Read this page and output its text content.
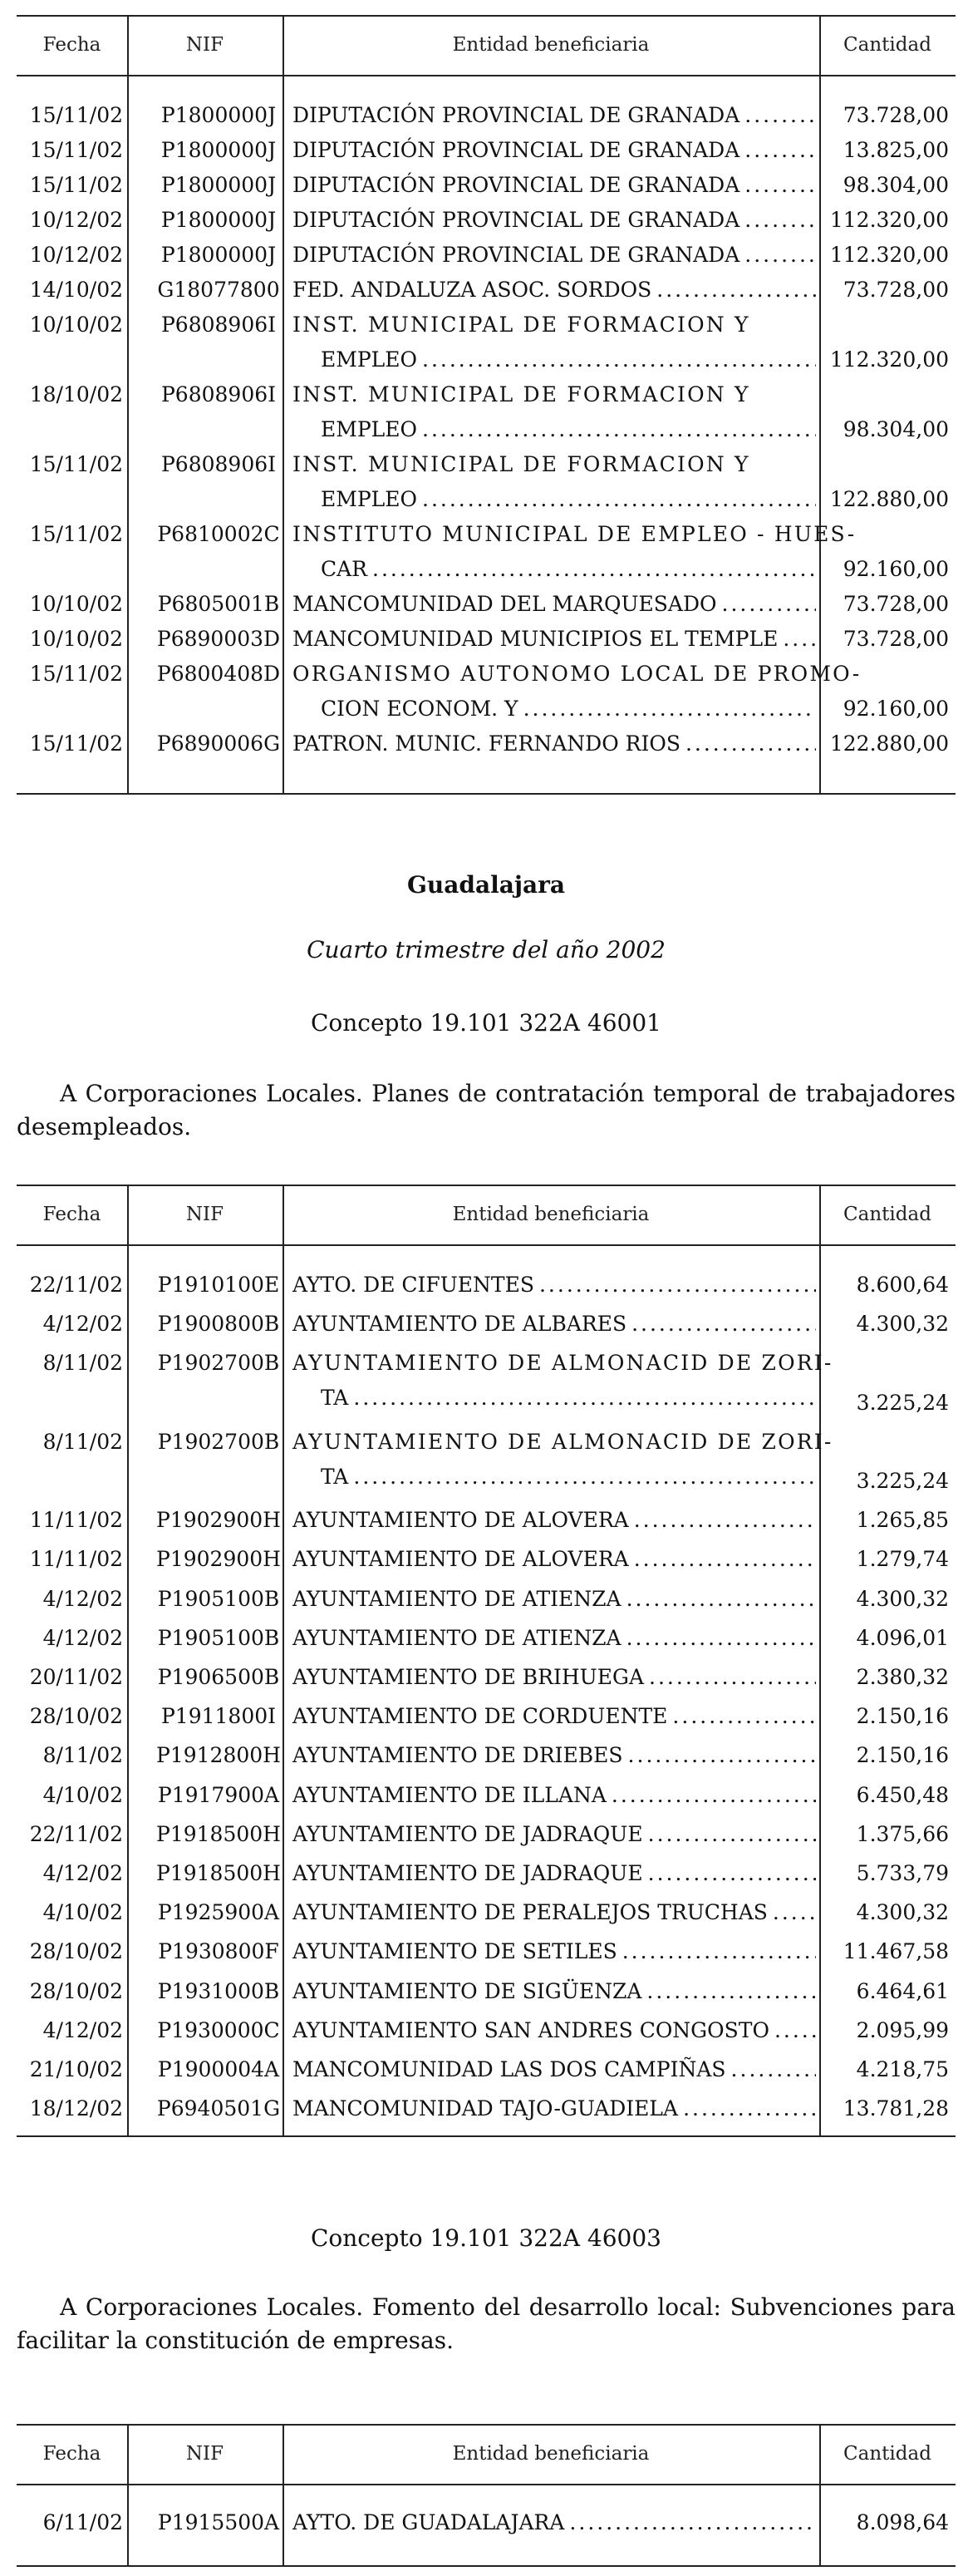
Fecha	NIF	Entidad beneficiaria	Cantidad
15/11/02	P1800000J DIPUTACIÓN PROVINCIAL DE GRANADA .....	73.728,00
15/11/02	P1800000J DIPUTACIÓN PROVINCIAL DE GRANADA .....	13.825,00
15/11/02	P1800000J DIPUTACIÓN PROVINCIAL DE GRANADA .....	98.304,00
10/12/02	P1800000J DIPUTACIÓN PROVINCIAL DE GRANADA .....	112.320,00
10/12/02	P1800000J DIPUTACIÓN PROVINCIAL DE GRANADA .....	112.320,00
14/10/02	G18077800 FED. ANDALUZA ASOC. SORDOS .....	73.728,00
10/10/02	P6808906I INST. MUNICIPAL DE FORMACION Y
EMPLEO .....	112.320,00
18/10/02	P6808906I INST. MUNICIPAL DE FORMACION Y
EMPLEO .....	98.304,00
15/11/02	P6808906I INST. MUNICIPAL DE FORMACION Y
EMPLEO .....	122.880,00
15/11/02	P6810002C INSTITUTO MUNICIPAL DE EMPLEO - HUES-
CAR .....	92.160,00
10/10/02	P6805001B MANCOMUNIDAD DEL MARQUESADO .....	73.728,00
10/10/02	P6890003D MANCOMUNIDAD MUNICIPIOS EL TEMPLE .....	73.728,00
15/11/02	P6800408D ORGANISMO AUTONOMO LOCAL DE PROMO-
CION ECONOM. Y .....	92.160,00
15/11/02	P6890006G PATRON. MUNIC. FERNANDO RIOS .....	122.880,00
Guadalajara
Cuarto trimestre del año 2002
Concepto 19.101 322A 46001
A Corporaciones Locales. Planes de contratación temporal de trabajadores desempleados.
Fecha	NIF	Entidad beneficiaria	Cantidad
22/11/02	P1910100E AYTO. DE CIFUENTES .....	8.600,64
4/12/02	P1900800B AYUNTAMIENTO DE ALBARES .....	4.300,32
8/11/02	P1902700B AYUNTAMIENTO DE ALMONACID DE ZORI-
TA .....	3.225,24
8/11/02	P1902700B AYUNTAMIENTO DE ALMONACID DE ZORI-
TA .....	3.225,24
11/11/02	P1902900H AYUNTAMIENTO DE ALOVERA .....	1.265,85
11/11/02	P1902900H AYUNTAMIENTO DE ALOVERA .....	1.279,74
4/12/02	P1905100B AYUNTAMIENTO DE ATIENZA .....	4.300,32
4/12/02	P1905100B AYUNTAMIENTO DE ATIENZA .....	4.096,01
20/11/02	P1906500B AYUNTAMIENTO DE BRIHUEGA .....	2.380,32
28/10/02	P1911800I AYUNTAMIENTO DE CORDUENTE .....	2.150,16
8/11/02	P1912800H AYUNTAMIENTO DE DRIEBES .....	2.150,16
4/10/02	P1917900A AYUNTAMIENTO DE ILLANA .....	6.450,48
22/11/02	P1918500H AYUNTAMIENTO DE JADRAQUE .....	1.375,66
4/12/02	P1918500H AYUNTAMIENTO DE JADRAQUE .....	5.733,79
4/10/02	P1925900A AYUNTAMIENTO DE PERALEJOS TRUCHAS .....	4.300,32
28/10/02	P1930800F AYUNTAMIENTO DE SETILES .....	11.467,58
28/10/02	P1931000B AYUNTAMIENTO DE SIGÜENZA .....	6.464,61
4/12/02	P1930000C AYUNTAMIENTO SAN ANDRES CONGOSTO .....	2.095,99
21/10/02	P1900004A MANCOMUNIDAD LAS DOS CAMPIÑAS .....	4.218,75
18/12/02	P6940501G MANCOMUNIDAD TAJO-GUADIELA .....	13.781,28
Concepto 19.101 322A 46003
A Corporaciones Locales. Fomento del desarrollo local: Subvenciones para facilitar la constitución de empresas.
Fecha	NIF	Entidad beneficiaria	Cantidad
6/11/02	P1915500A AYTO. DE GUADALAJARA .....	8.098,64
